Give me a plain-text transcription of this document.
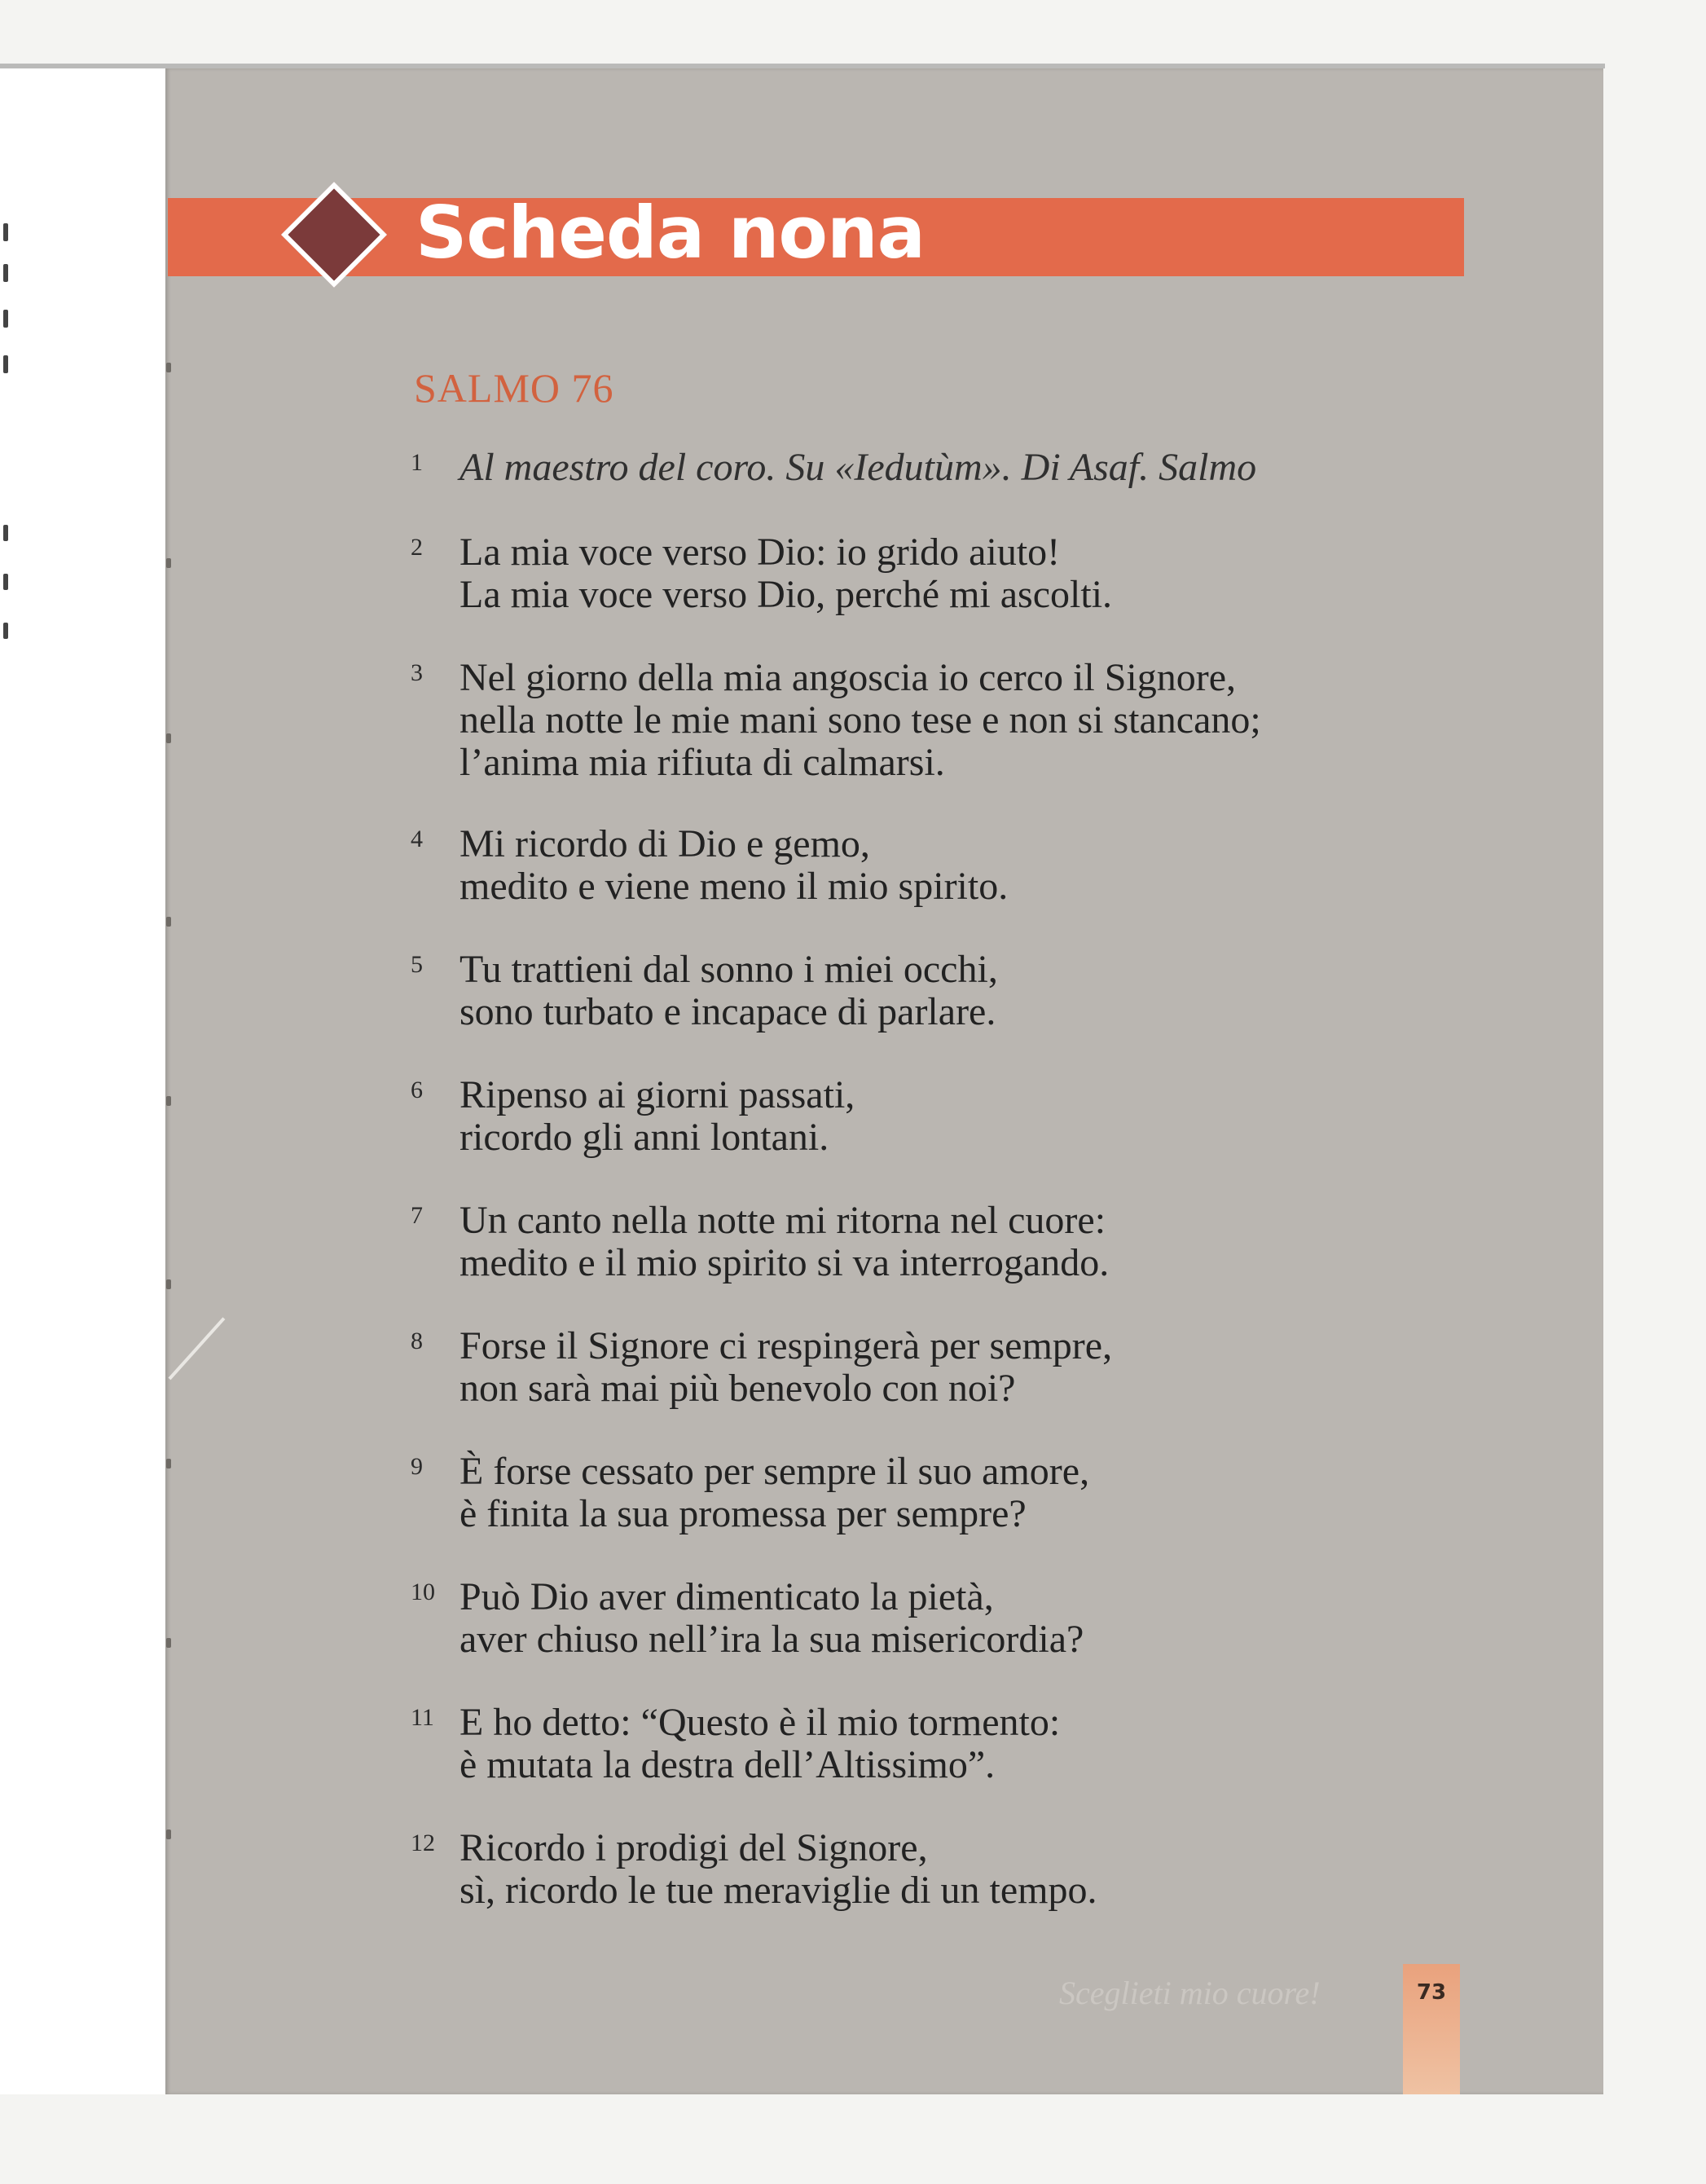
Scheda nona
SALMO 76
1 Al maestro del coro. Su «Iedutùm». Di Asaf. Salmo
2 La mia voce verso Dio: io grido aiuto!
La mia voce verso Dio, perché mi ascolti.
3 Nel giorno della mia angoscia io cerco il Signore,
nella notte le mie mani sono tese e non si stancano;
l’anima mia rifiuta di calmarsi.
4 Mi ricordo di Dio e gemo,
medito e viene meno il mio spirito.
5 Tu trattieni dal sonno i miei occhi,
sono turbato e incapace di parlare.
6 Ripenso ai giorni passati,
ricordo gli anni lontani.
7 Un canto nella notte mi ritorna nel cuore:
medito e il mio spirito si va interrogando.
8 Forse il Signore ci respingerà per sempre,
non sarà mai più benevolo con noi?
9 È forse cessato per sempre il suo amore,
è finita la sua promessa per sempre?
10 Può Dio aver dimenticato la pietà,
aver chiuso nell’ira la sua misericordia?
11 E ho detto: “Questo è il mio tormento:
è mutata la destra dell’Altissimo”.
12 Ricordo i prodigi del Signore,
sì, ricordo le tue meraviglie di un tempo.

Sceglieti mio cuore!	73
